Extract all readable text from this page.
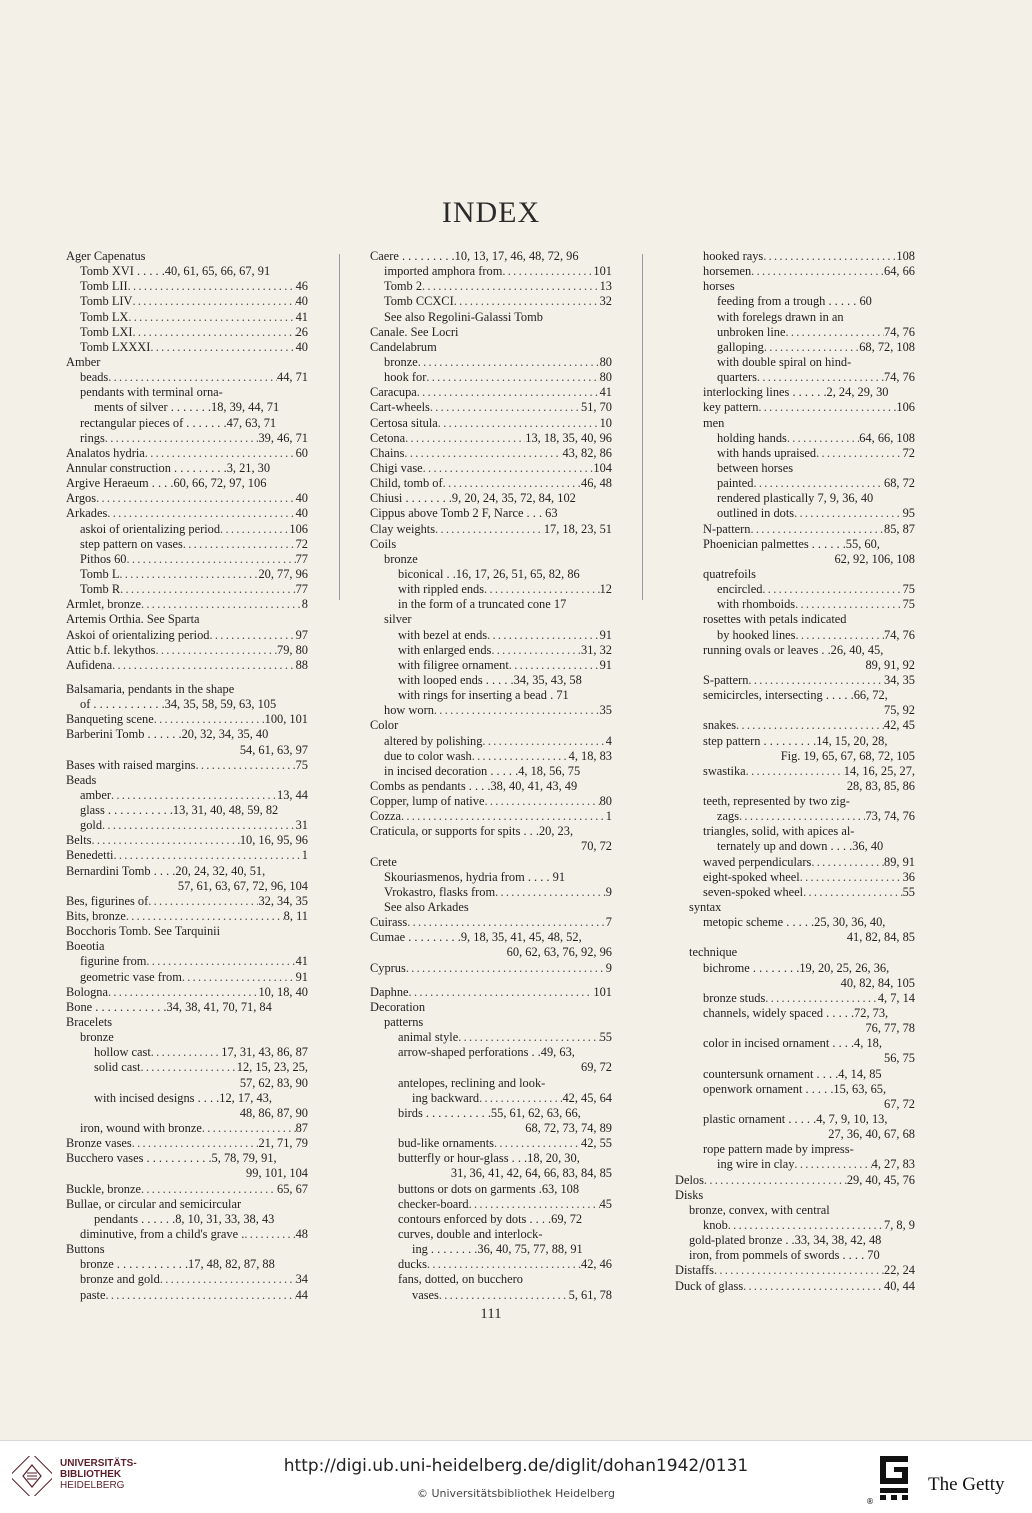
INDEX
Ager Capenatus
Tomb XVI . . . . .40, 61, 65, 66, 67, 91
Tomb LII .....	46
Tomb LIV .....	40
Tomb LX .....	41
Tomb LXI .....	26
Tomb LXXXI .....	40
Amber
beads .....	44, 71
pendants with terminal orna-
ments of silver . . . . . . .18, 39, 44, 71
rectangular pieces of . . . . . . .47, 63, 71
rings .....	39, 46, 71
Analatos hydria .....	60
Annular construction . . . . . . . . .3, 21, 30
Argive Heraeum . . . .60, 66, 72, 97, 106
Argos .....	40
Arkades .....	40
askoi of orientalizing period .....	106
step pattern on vases .....	72
Pithos 60 .....	77
Tomb L .....	20, 77, 96
Tomb R .....	77
Armlet, bronze .....	8
Artemis Orthia. See Sparta
Askoi of orientalizing period .....	97
Attic b.f. lekythos .....	79, 80
Aufidena .....	88
Balsamaria, pendants in the shape
of . . . . . . . . . . . .34, 35, 58, 59, 63, 105
Banqueting scene .....	100, 101
Barberini Tomb . . . . . .20, 32, 34, 35, 40
54, 61, 63, 97
Bases with raised margins .....	75
Beads
amber .....	13, 44
glass . . . . . . . . . . .13, 31, 40, 48, 59, 82
gold .....	31
Belts .....	10, 16, 95, 96
Benedetti .....	1
Bernardini Tomb . . . .20, 24, 32, 40, 51,
57, 61, 63, 67, 72, 96, 104
Bes, figurines of .....	32, 34, 35
Bits, bronze .....	8, 11
Bocchoris Tomb. See Tarquinii
Boeotia
figurine from .....	41
geometric vase from .....	91
Bologna .....	10, 18, 40
Bone . . . . . . . . . . . .34, 38, 41, 70, 71, 84
Bracelets
bronze
hollow cast .....	17, 31, 43, 86, 87
solid cast .....	12, 15, 23, 25,
57, 62, 83, 90
with incised designs . . . .12, 17, 43,
48, 86, 87, 90
iron, wound with bronze .....	87
Bronze vases .....	21, 71, 79
Bucchero vases . . . . . . . . . . .5, 78, 79, 91,
99, 101, 104
Buckle, bronze .....	65, 67
Bullae, or circular and semicircular
pendants . . . . . .8, 10, 31, 33, 38, 43
diminutive, from a child's grave . .....	48
Buttons
bronze . . . . . . . . . . . .17, 48, 82, 87, 88
bronze and gold .....	34
paste .....	44
Caere . . . . . . . . .10, 13, 17, 46, 48, 72, 96
imported amphora from .....	101
Tomb 2 .....	13
Tomb CCXCI .....	32
See also Regolini-Galassi Tomb
Canale. See Locri
Candelabrum
bronze .....	80
hook for .....	80
Caracupa .....	41
Cart-wheels .....	51, 70
Certosa situla .....	10
Cetona .....	13, 18, 35, 40, 96
Chains .....	43, 82, 86
Chigi vase .....	104
Child, tomb of .....	46, 48
Chiusi . . . . . . . .9, 20, 24, 35, 72, 84, 102
Cippus above Tomb 2 F, Narce . . . 63
Clay weights .....	17, 18, 23, 51
Coils
bronze
biconical . .16, 17, 26, 51, 65, 82, 86
with rippled ends .....	12
in the form of a truncated cone 17
silver
with bezel at ends .....	91
with enlarged ends .....	31, 32
with filigree ornament .....	91
with looped ends . . . . .34, 35, 43, 58
with rings for inserting a bead . 71
how worn .....	35
Color
altered by polishing .....	4
due to color wash .....	4, 18, 83
in incised decoration . . . . .4, 18, 56, 75
Combs as pendants . . . .38, 40, 41, 43, 49
Copper, lump of native .....	80
Cozza .....	1
Craticula, or supports for spits . . .20, 23,
70, 72
Crete
Skouriasmenos, hydria from . . . . 91
Vrokastro, flasks from .....	9
See also Arkades
Cuirass .....	7
Cumae . . . . . . . . .9, 18, 35, 41, 45, 48, 52,
60, 62, 63, 76, 92, 96
Cyprus .....	9
Daphne .....	101
Decoration
patterns
animal style .....	55
arrow-shaped perforations . .49, 63,
69, 72
antelopes, reclining and look-
ing backward .....	42, 45, 64
birds . . . . . . . . . . .55, 61, 62, 63, 66,
68, 72, 73, 74, 89
bud-like ornaments .....	42, 55
butterfly or hour-glass . . .18, 20, 30,
31, 36, 41, 42, 64, 66, 83, 84, 85
buttons or dots on garments .63, 108
checker-board .....	45
contours enforced by dots . . . .69, 72
curves, double and interlock-
ing . . . . . . . .36, 40, 75, 77, 88, 91
ducks .....	42, 46
fans, dotted, on bucchero
vases .....	5, 61, 78
hooked rays .....	108
horsemen .....	64, 66
horses
feeding from a trough . . . . . 60
with forelegs drawn in an
unbroken line .....	74, 76
galloping .....	68, 72, 108
with double spiral on hind-
quarters .....	74, 76
interlocking lines . . . . . .2, 24, 29, 30
key pattern .....	106
men
holding hands .....	64, 66, 108
with hands upraised .....	72
between horses
painted .....	68, 72
rendered plastically 7, 9, 36, 40
outlined in dots .....	95
N-pattern .....	85, 87
Phoenician palmettes . . . . . .55, 60,
62, 92, 106, 108
quatrefoils
encircled .....	75
with rhomboids .....	75
rosettes with petals indicated
by hooked lines .....	74, 76
running ovals or leaves . .26, 40, 45,
89, 91, 92
S-pattern .....	34, 35
semicircles, intersecting . . . . .66, 72,
75, 92
snakes .....	42, 45
step pattern . . . . . . . . .14, 15, 20, 28,
Fig. 19, 65, 67, 68, 72, 105
swastika .....	14, 16, 25, 27,
28, 83, 85, 86
teeth, represented by two zig-
zags .....	73, 74, 76
triangles, solid, with apices al-
ternately up and down . . . .36, 40
waved perpendiculars .....	89, 91
eight-spoked wheel .....	36
seven-spoked wheel .....	55
syntax
metopic scheme . . . . .25, 30, 36, 40,
41, 82, 84, 85
technique
bichrome . . . . . . . .19, 20, 25, 26, 36,
40, 82, 84, 105
bronze studs .....	4, 7, 14
channels, widely spaced . . . . .72, 73,
76, 77, 78
color in incised ornament . . . .4, 18,
56, 75
countersunk ornament . . . .4, 14, 85
openwork ornament . . . . .15, 63, 65,
67, 72
plastic ornament . . . . .4, 7, 9, 10, 13,
27, 36, 40, 67, 68
rope pattern made by impress-
ing wire in clay .....	4, 27, 83
Delos .....	29, 40, 45, 76
Disks
bronze, convex, with central
knob .....	7, 8, 9
gold-plated bronze . .33, 34, 38, 42, 48
iron, from pommels of swords . . . . 70
Distaffs .....	22, 24
Duck of glass .....	40, 44
111
UNIVERSITÄTS-
BIBLIOTHEK
HEIDELBERG
http://digi.ub.uni-heidelberg.de/diglit/dohan1942/0131
© Universitätsbibliothek Heidelberg	The Getty
®
